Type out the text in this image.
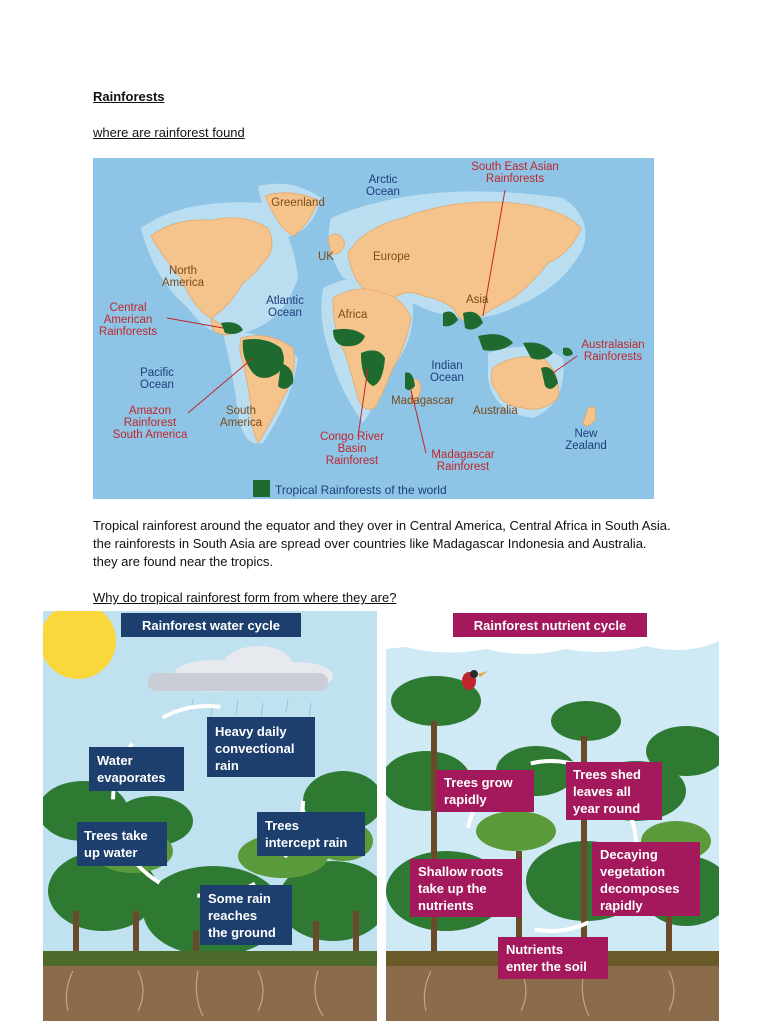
Rainforests
where are rainforest found
Arctic Ocean
Greenland
South East Asian Rainforests
North America
UK	Europe
Central American Rainforests
Atlantic Ocean	Africa
Asia
Australasian Rainforests
Pacific Ocean
Indian Ocean
Amazon Rainforest South America
South America
Madagascar
Australia
Congo River Basin Rainforest	Madagascar Rainforest
New Zealand
Tropical Rainforests of the world
Tropical rainforest around the equator and they over in Central America, Central Africa in South Asia. the rainforests in South Asia are spread over countries like Madagascar Indonesia and Australia. they are found near the tropics.
Why do tropical rainforest form from where they are?
Rainforest water cycle
Heavy daily convectional rain
Water evaporates
Trees intercept rain
Trees take up water
Some rain reaches the ground
Rainforest nutrient cycle
Trees grow rapidly
Trees shed leaves all year round
Shallow roots take up the nutrients
Decaying vegetation decomposes rapidly
Nutrients enter the soil
